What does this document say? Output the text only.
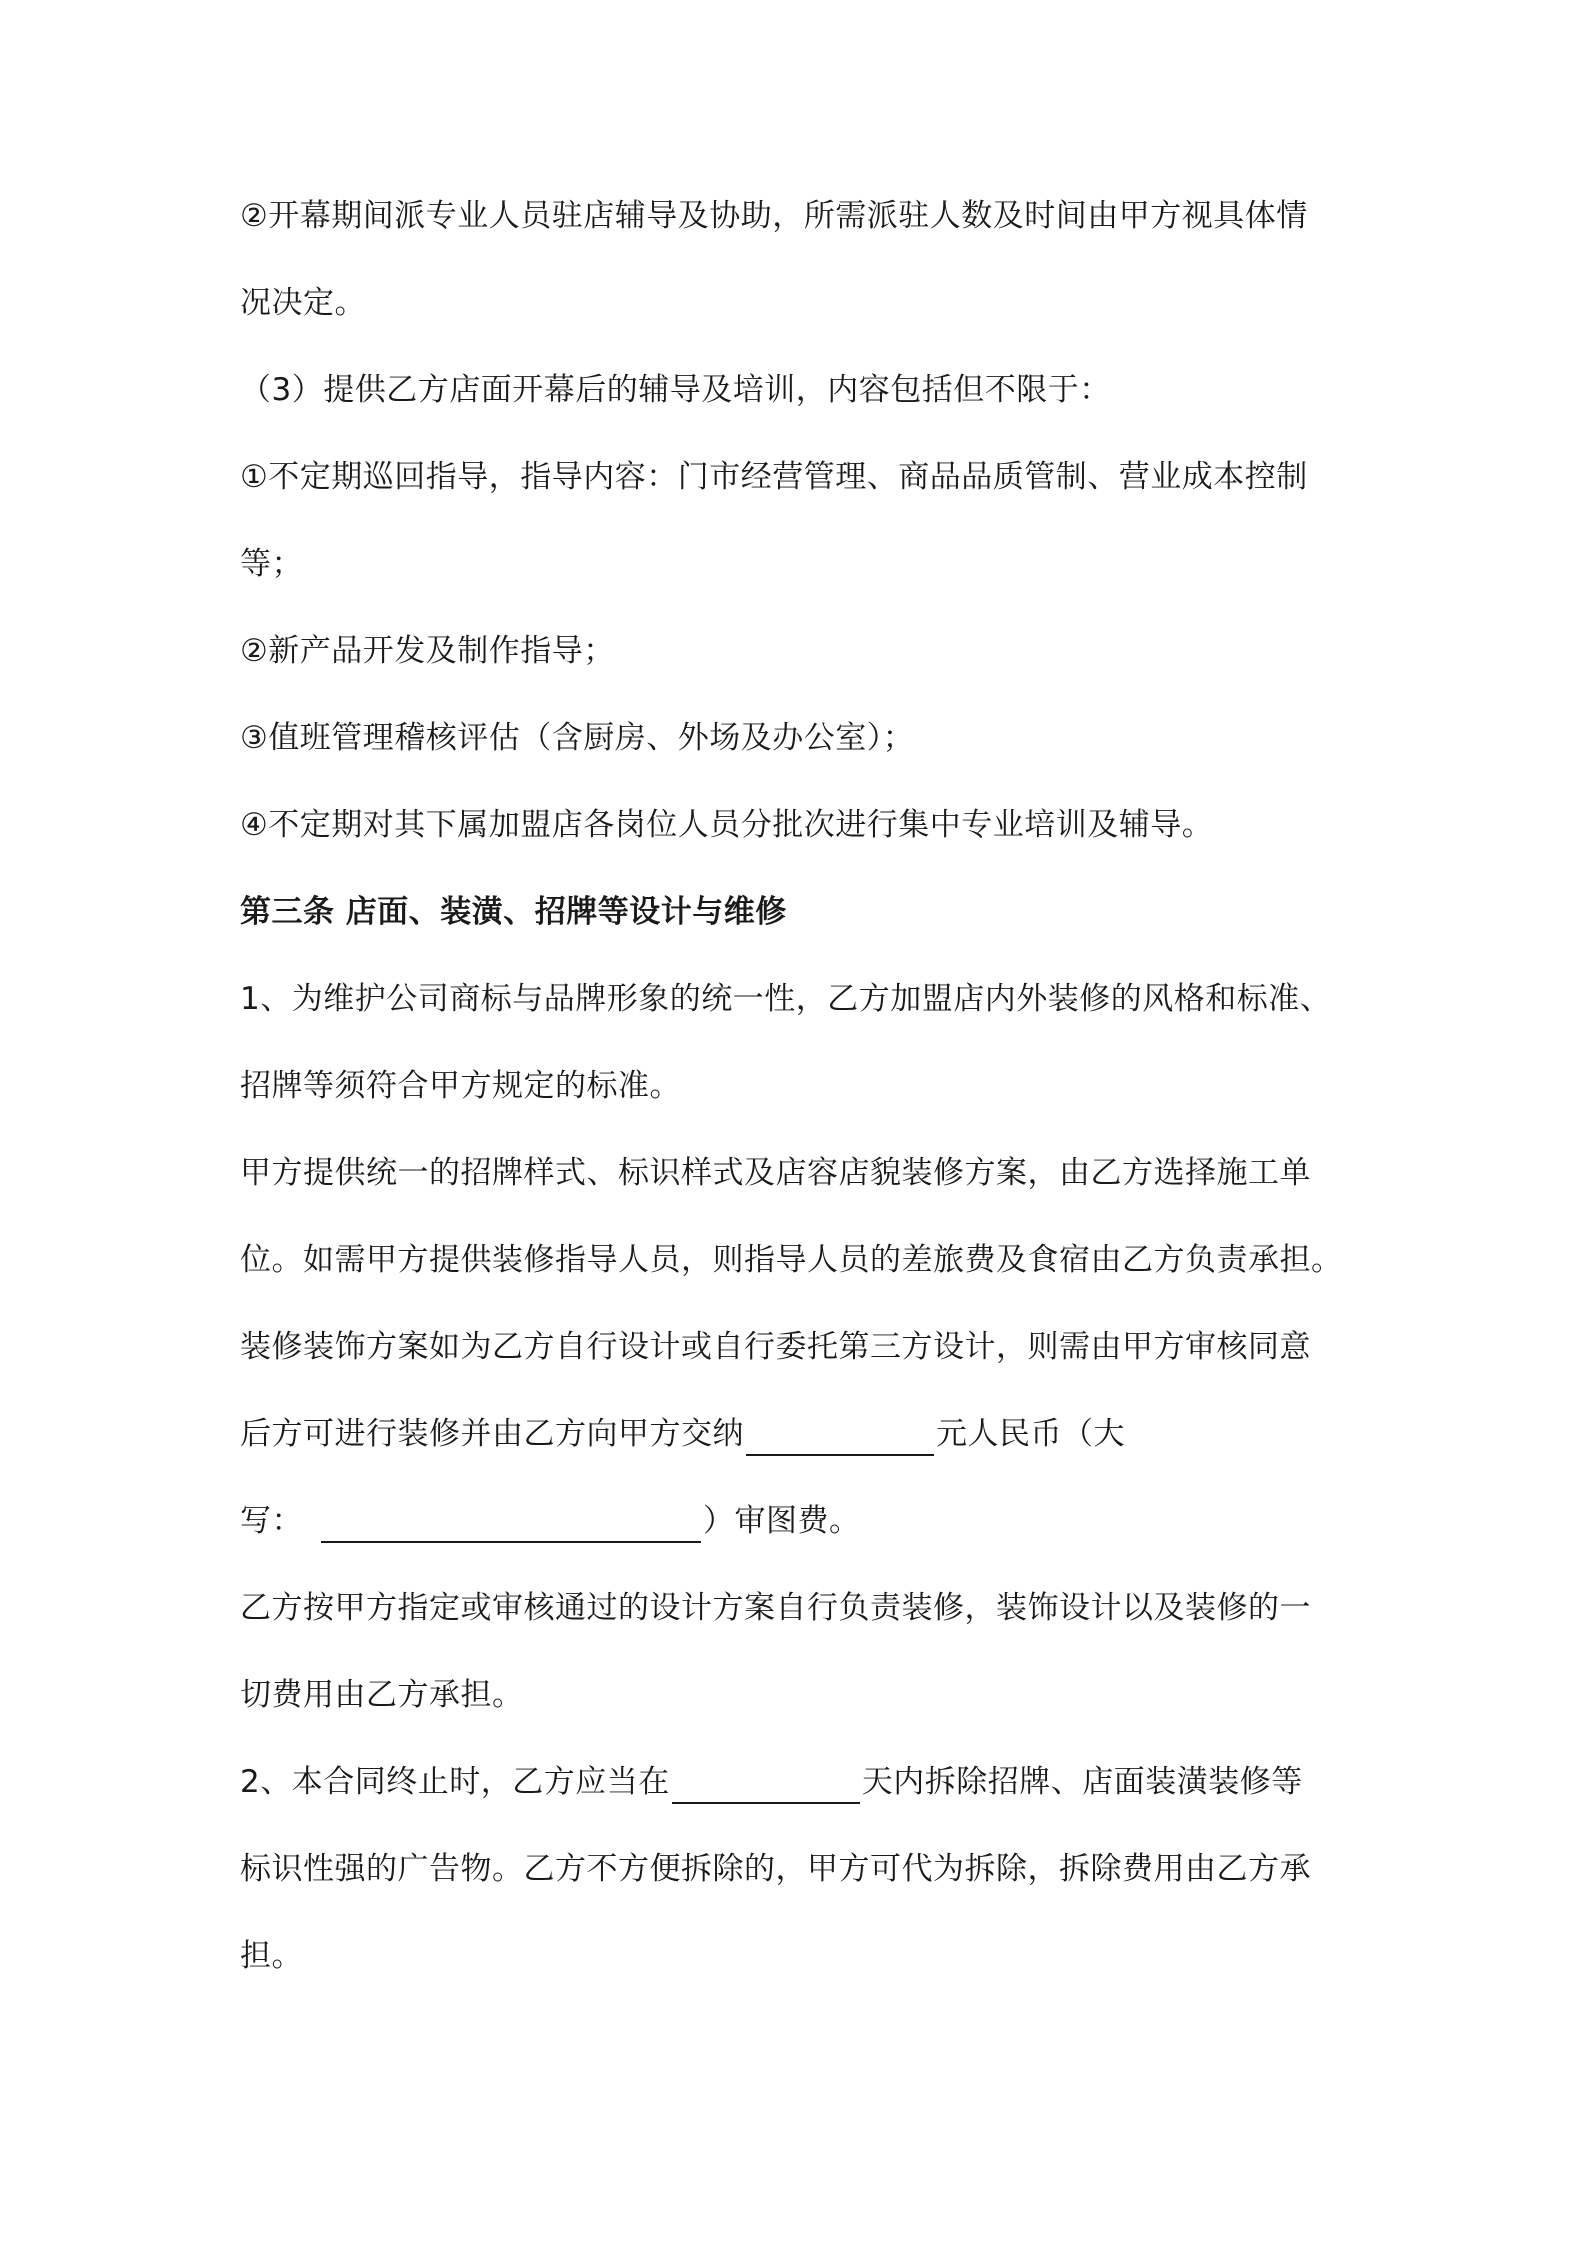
②开幕期间派专业人员驻店辅导及协助，所需派驻人数及时间由甲方视具体情
况决定。
（3）提供乙方店面开幕后的辅导及培训，内容包括但不限于：
①不定期巡回指导，指导内容：门市经营管理、商品品质管制、营业成本控制
等；
②新产品开发及制作指导；
③值班管理稽核评估（含厨房、外场及办公室）；
④不定期对其下属加盟店各岗位人员分批次进行集中专业培训及辅导。
第三条 店面、装潢、招牌等设计与维修
1、为维护公司商标与品牌形象的统一性，乙方加盟店内外装修的风格和标准、
招牌等须符合甲方规定的标准。
甲方提供统一的招牌样式、标识样式及店容店貌装修方案，由乙方选择施工单
位。如需甲方提供装修指导人员，则指导人员的差旅费及食宿由乙方负责承担。
装修装饰方案如为乙方自行设计或自行委托第三方设计，则需由甲方审核同意
后方可进行装修并由乙方向甲方交纳	元人民币（大
写：	）审图费。
乙方按甲方指定或审核通过的设计方案自行负责装修，装饰设计以及装修的一
切费用由乙方承担。
2、本合同终止时，乙方应当在	天内拆除招牌、店面装潢装修等
标识性强的广告物。乙方不方便拆除的，甲方可代为拆除，拆除费用由乙方承
担。
